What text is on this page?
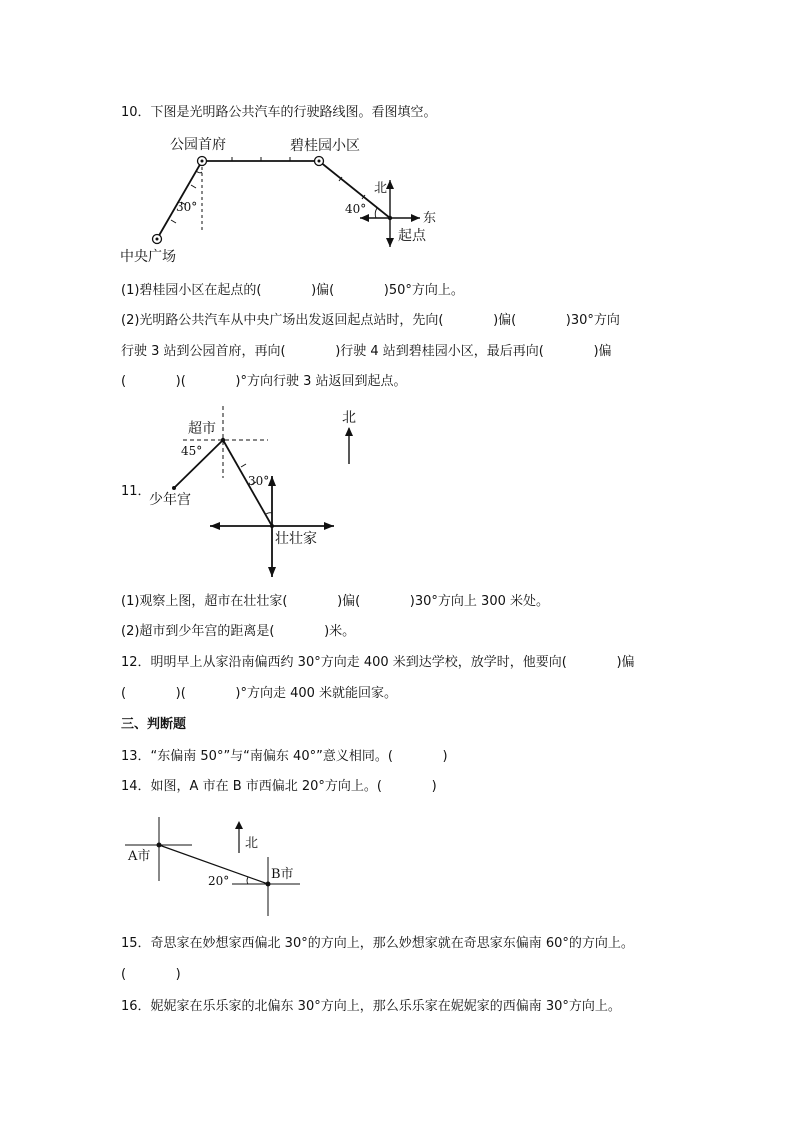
10．下图是光明路公共汽车的行驶路线图。看图填空。
公园首府	碧桂园小区
中央广场
起点
北
东
30°	40°
(1)碧桂园小区在起点的(            )偏(            )50°方向上。
(2)光明路公共汽车从中央广场出发返回起点站时，先向(            )偏(            )30°方向
行驶 3 站到公园首府，再向(            )行驶 4 站到碧桂园小区，最后再向(            )偏
(            )(            )°方向行驶 3 站返回到起点。
超市
45°
30°
少年宫
壮壮家
北
11．
(1)观察上图，超市在壮壮家(            )偏(            )30°方向上 300 米处。
(2)超市到少年宫的距离是(            )米。
12．明明早上从家沿南偏西约 30°方向走 400 米到达学校，放学时，他要向(            )偏
(            )(            )°方向走 400 米就能回家。
三、判断题
13．“东偏南 50°”与“南偏东 40°”意义相同。(            )
14．如图，A 市在 B 市西偏北 20°方向上。(            )
A市
B市
北
20°
15．奇思家在妙想家西偏北 30°的方向上，那么妙想家就在奇思家东偏南 60°的方向上。
(            )
16．妮妮家在乐乐家的北偏东 30°方向上，那么乐乐家在妮妮家的西偏南 30°方向上。
